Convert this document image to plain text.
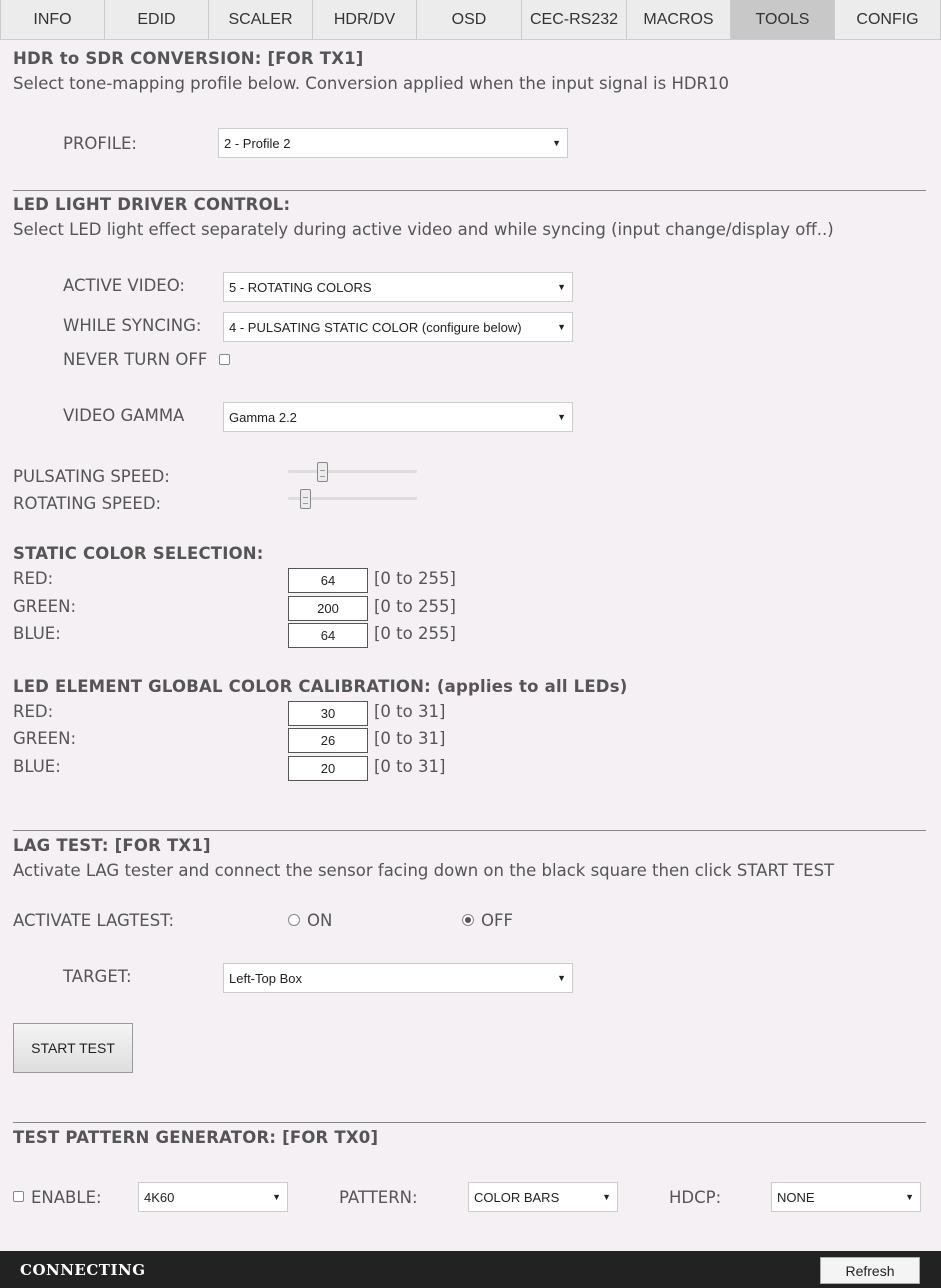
INFO	EDID	SCALER	HDR/DV	OSD	CEC-RS232	MACROS	TOOLS	CONFIG
HDR to SDR CONVERSION: [FOR TX1]
Select tone-mapping profile below. Conversion applied when the input signal is HDR10
PROFILE:	2 - Profile 2	▼
LED LIGHT DRIVER CONTROL:
Select LED light effect separately during active video and while syncing (input change/display off..)
ACTIVE VIDEO:	5 - ROTATING COLORS	▼
WHILE SYNCING: 4 - PULSATING STATIC COLOR (configure below)	▼
NEVER TURN OFF
VIDEO GAMMA	Gamma 2.2	▼
PULSATING SPEED:
ROTATING SPEED:
STATIC COLOR SELECTION:
RED:	64	[0 to 255]
GREEN:	200	[0 to 255]
BLUE:	64	[0 to 255]
LED ELEMENT GLOBAL COLOR CALIBRATION: (applies to all LEDs)
RED:	30	[0 to 31]
GREEN:	26	[0 to 31]
BLUE:	20	[0 to 31]
LAG TEST: [FOR TX1]
Activate LAG tester and connect the sensor facing down on the black square then click START TEST
ACTIVATE LAGTEST:	ON	OFF
TARGET:	Left-Top Box	▼
START TEST
TEST PATTERN GENERATOR: [FOR TX0]
ENABLE:	4K60	▼	PATTERN:	COLOR BARS	▼	HDCP:	NONE	▼
CONNECTING	Refresh
